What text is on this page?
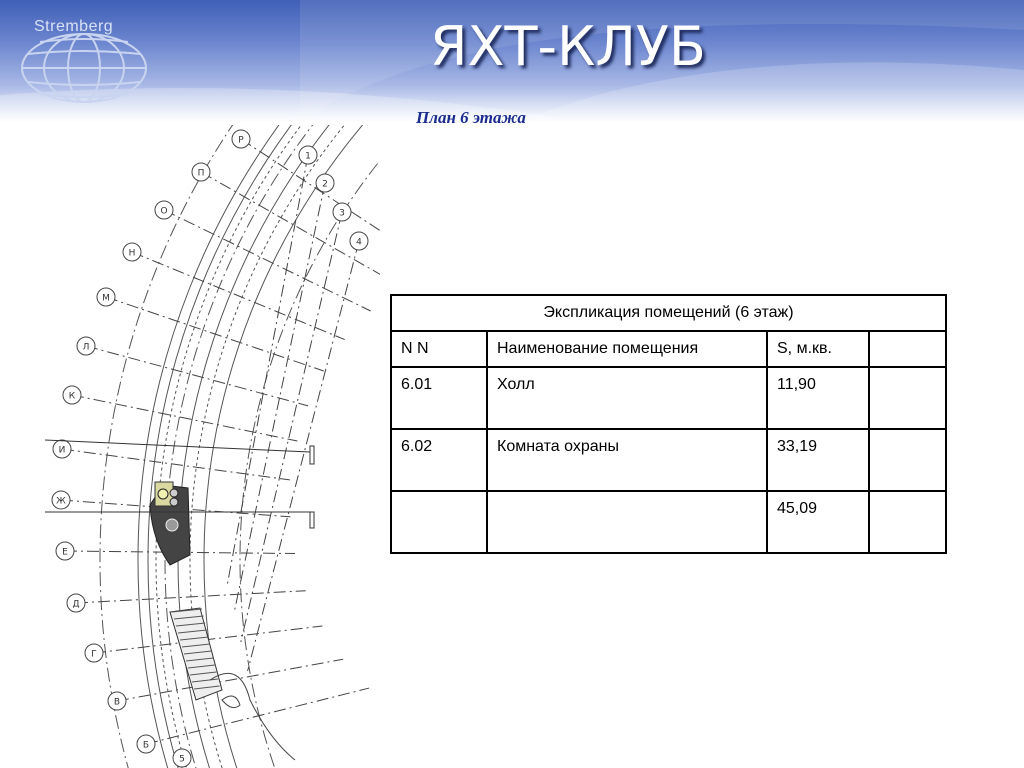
Stremberg	ЯХТ-КЛУБ
План 6 этажа
Р
П
О
Н
М
Л
К
И
Ж
Е
Д
Г
В
Б
1
2
3
4
5
Экспликация помещений (6 этаж)			
N N	Наименование помещения	S, м.кв.	
6.01	Холл	11,90	
6.02	Комната охраны	33,19	
		45,09	
